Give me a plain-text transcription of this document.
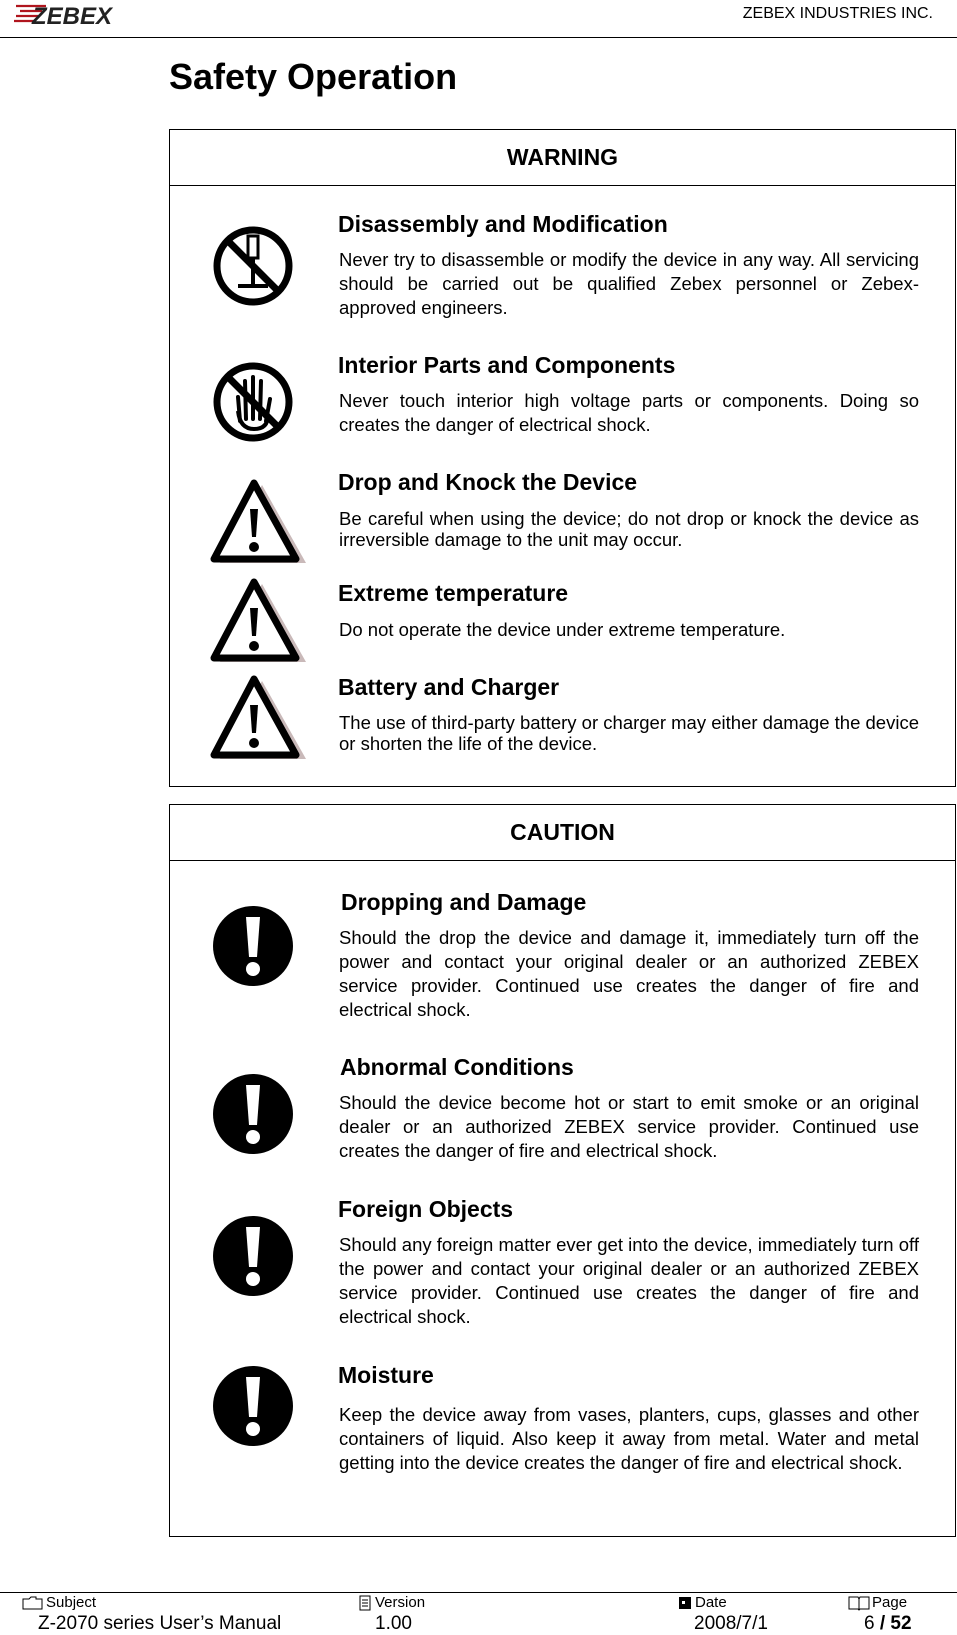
ZEBEX	ZEBEX INDUSTRIES INC.
Safety Operation
WARNING
Disassembly and Modification

Never try to disassemble or modify the device in any way. All servicing should be carried out be qualified Zebex personnel or Zebex- approved engineers.

Interior Parts and Components

Never touch interior high voltage parts or components. Doing so creates the danger of electrical shock.

Drop and Knock the Device

Be careful when using the device; do not drop or knock the device as irreversible damage to the unit may occur.

Extreme temperature

Do not operate the device under extreme temperature.

Battery and Charger

The use of third-party battery or charger may either damage the device or shorten the life of the device.

CAUTION
Dropping and Damage

Should the drop the device and damage it, immediately turn off the power and contact your original dealer or an authorized ZEBEX service provider. Continued use creates the danger of fire and electrical shock.

Abnormal Conditions

Should the device become hot or start to emit smoke or an original dealer or an authorized ZEBEX service provider. Continued use creates the danger of fire and electrical shock.

Foreign Objects

Should any foreign matter ever get into the device, immediately turn off the power and contact your original dealer or an authorized ZEBEX service provider. Continued use creates the danger of fire and electrical shock.

Moisture

Keep the device away from vases, planters, cups, glasses and other containers of liquid. Also keep it away from metal. Water and metal getting into the device creates the danger of fire and electrical shock.

Subject
Z-2070 series User’s Manual
Version
1.00
Date
2008/7/1
Page
6 / 52
